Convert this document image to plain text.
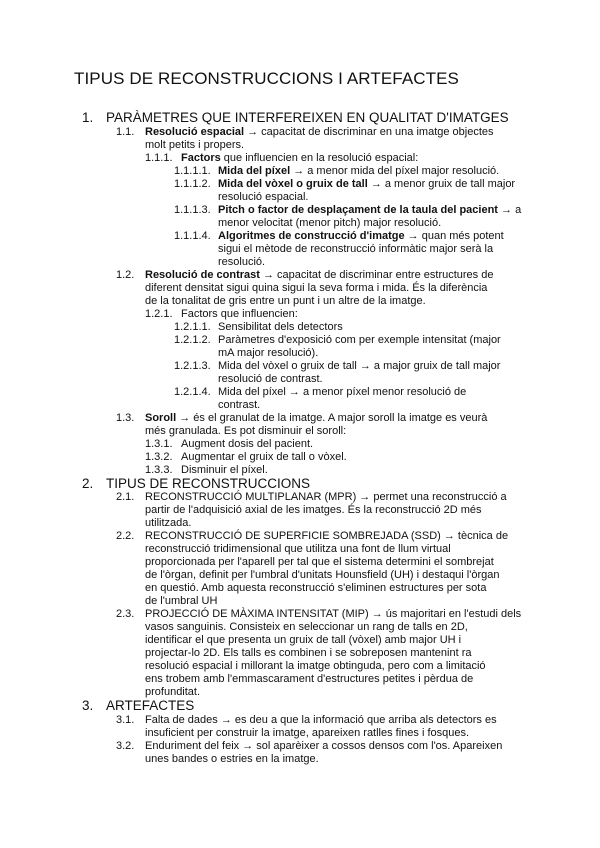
TIPUS DE RECONSTRUCCIONS I ARTEFACTES
1. PARÀMETRES QUE INTERFEREIXEN EN QUALITAT D'IMATGES
1.1. Resolució espacial → capacitat de discriminar en una imatge objectes
molt petits i propers.
1.1.1. Factors que influencien en la resolució espacial:
1.1.1.1. Mida del píxel → a menor mida del píxel major resolució.
1.1.1.2. Mida del vòxel o gruix de tall → a menor gruix de tall major
resolució espacial.
1.1.1.3. Pitch o factor de desplaçament de la taula del pacient → a
menor velocitat (menor pitch) major resolució.
1.1.1.4. Algoritmes de construcció d'imatge → quan més potent
sigui el mètode de reconstrucció informàtic major serà la
resolució.
1.2. Resolució de contrast → capacitat de discriminar entre estructures de
diferent densitat sigui quina sigui la seva forma i mida. És la diferència
de la tonalitat de gris entre un punt i un altre de la imatge.
1.2.1. Factors que influencien:
1.2.1.1. Sensibilitat dels detectors
1.2.1.2. Paràmetres d'exposició com per exemple intensitat (major
mA major resolució).
1.2.1.3. Mida del vòxel o gruix de tall → a major gruix de tall major
resolució de contrast.
1.2.1.4. Mida del píxel → a menor píxel menor resolució de
contrast.
1.3. Soroll → és el granulat de la imatge. A major soroll la imatge es veurà
més granulada. Es pot disminuir el soroll:
1.3.1. Augment dosis del pacient.
1.3.2. Augmentar el gruix de tall o vòxel.
1.3.3. Disminuir el píxel.
2. TIPUS DE RECONSTRUCCIONS
2.1. RECONSTRUCCIÓ MULTIPLANAR (MPR) → permet una reconstrucció a
partir de l'adquisició axial de les imatges. És la reconstrucció 2D més
utilitzada.
2.2. RECONSTRUCCIÓ DE SUPERFICIE SOMBREJADA (SSD) → tècnica de
reconstrucció tridimensional que utilitza una font de llum virtual
proporcionada per l'aparell per tal que el sistema determini el sombrejat
de l'òrgan, definit per l'umbral d'unitats Hounsfield (UH) i destaqui l'òrgan
en questió. Amb aquesta reconstrucció s'eliminen estructures per sota
de l'umbral UH
2.3. PROJECCIÓ DE MÀXIMA INTENSITAT (MIP) → ús majoritari en l'estudi dels
vasos sanguinis. Consisteix en seleccionar un rang de talls en 2D,
identificar el que presenta un gruix de tall (vòxel) amb major UH i
projectar-lo 2D. Els talls es combinen i se sobreposen mantenint ra
resolució espacial i millorant la imatge obtinguda, pero com a limitació
ens trobem amb l'emmascarament d'estructures petites i pèrdua de
profunditat.
3. ARTEFACTES
3.1. Falta de dades → es deu a que la informació que arriba als detectors es
insuficient per construir la imatge, apareixen ratlles fines i fosques.
3.2. Enduriment del feix → sol aparèixer a cossos densos com l'os. Apareixen
unes bandes o estries en la imatge.
